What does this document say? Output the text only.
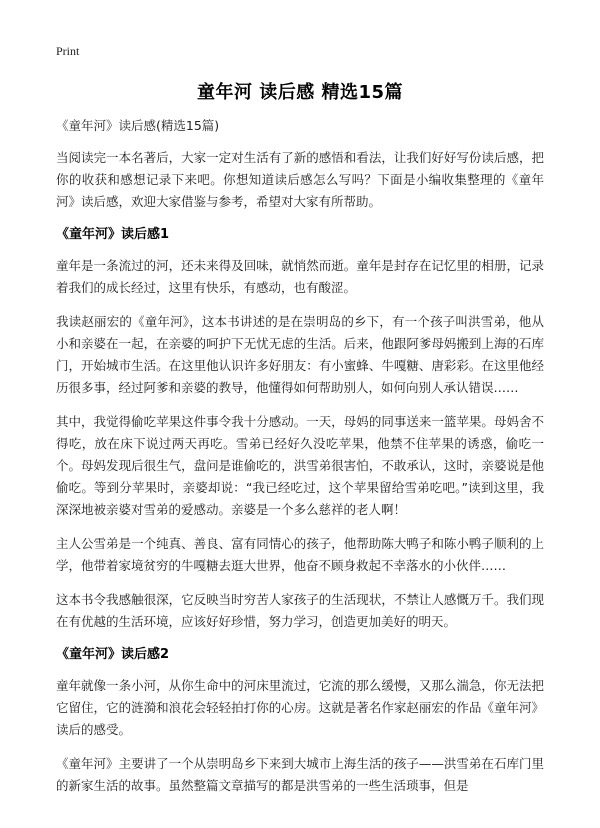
Print
童年河 读后感 精选15篇
《童年河》读后感(精选15篇)

当阅读完一本名著后，大家一定对生活有了新的感悟和看法，让我们好好写份读后感，把你的收获和感想记录下来吧。你想知道读后感怎么写吗？下面是小编收集整理的《童年河》读后感，欢迎大家借鉴与参考，希望对大家有所帮助。

《童年河》读后感1

童年是一条流过的河，还未来得及回味，就悄然而逝。童年是封存在记忆里的相册，记录着我们的成长经过，这里有快乐，有感动，也有酸涩。

我读赵丽宏的《童年河》，这本书讲述的是在崇明岛的乡下，有一个孩子叫洪雪弟，他从小和亲婆在一起，在亲婆的呵护下无忧无虑的生活。后来，他跟阿爹母妈搬到上海的石库门，开始城市生活。在这里他认识许多好朋友：有小蜜蜂、牛嘎糖、唐彩彩。在这里他经历很多事，经过阿爹和亲婆的教导，他懂得如何帮助别人，如何向别人承认错误……

其中，我觉得偷吃苹果这件事令我十分感动。一天，母妈的同事送来一篮苹果。母妈舍不得吃，放在床下说过两天再吃。雪弟已经好久没吃苹果，他禁不住苹果的诱惑，偷吃一个。母妈发现后很生气，盘问是谁偷吃的，洪雪弟很害怕，不敢承认，这时，亲婆说是他偷吃。等到分苹果时，亲婆却说：“我已经吃过，这个苹果留给雪弟吃吧。”读到这里，我深深地被亲婆对雪弟的爱感动。亲婆是一个多么慈祥的老人啊！

主人公雪弟是一个纯真、善良、富有同情心的孩子，他帮助陈大鸭子和陈小鸭子顺利的上学，他带着家境贫穷的牛嘎糖去逛大世界，他奋不顾身救起不幸落水的小伙伴……

这本书令我感触很深，它反映当时穷苦人家孩子的生活现状，不禁让人感慨万千。我们现在有优越的生活环境，应该好好珍惜，努力学习，创造更加美好的明天。

《童年河》读后感2

童年就像一条小河，从你生命中的河床里流过，它流的那么缓慢，又那么湍急，你无法把它留住，它的涟漪和浪花会轻轻拍打你的心房。这就是著名作家赵丽宏的作品《童年河》读后的感受。

《童年河》主要讲了一个从崇明岛乡下来到大城市上海生活的孩子——洪雪弟在石库门里的新家生活的故事。虽然整篇文章描写的都是洪雪弟的一些生活琐事，但是
